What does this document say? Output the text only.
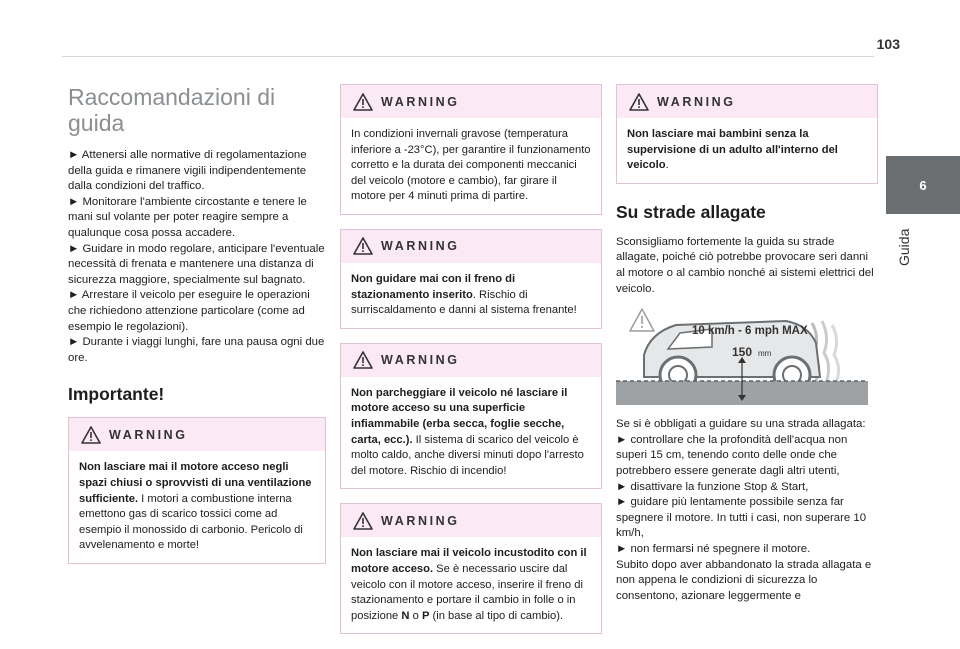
103
6
Guida
Raccomandazioni di guida

► Attenersi alle normative di regolamentazione della guida e rimanere vigili indipendentemente dalla condizioni del traffico.

► Monitorare l'ambiente circostante e tenere le mani sul volante per poter reagire sempre a qualunque cosa possa accadere.

► Guidare in modo regolare, anticipare l'eventuale necessità di frenata e mantenere una distanza di sicurezza maggiore, specialmente sul bagnato.

► Arrestare il veicolo per eseguire le operazioni che richiedono attenzione particolare (come ad esempio le regolazioni).

► Durante i viaggi lunghi, fare una pausa ogni due ore.

Importante!
WARNING
Non lasciare mai il motore acceso negli spazi chiusi o sprovvisti di una ventilazione sufficiente. I motori a combustione interna emettono gas di scarico tossici come ad esempio il monossido di carbonio. Pericolo di avvelenamento e morte!
WARNING
In condizioni invernali gravose (temperatura inferiore a -23°C), per garantire il funzionamento corretto e la durata dei componenti meccanici del veicolo (motore e cambio), far girare il motore per 4 minuti prima di partire.
WARNING
Non guidare mai con il freno di stazionamento inserito. Rischio di surriscaldamento e danni al sistema frenante!
WARNING
Non parcheggiare il veicolo né lasciare il motore acceso su una superficie infiammabile (erba secca, foglie secche, carta, ecc.). Il sistema di scarico del veicolo è molto caldo, anche diversi minuti dopo l'arresto del motore. Rischio di incendio!
WARNING
Non lasciare mai il veicolo incustodito con il motore acceso. Se è necessario uscire dal veicolo con il motore acceso, inserire il freno di stazionamento e portare il cambio in folle o in posizione N o P (in base al tipo di cambio).
WARNING
Non lasciare mai bambini senza la supervisione di un adulto all'interno del veicolo.
Su strade allagate

Sconsigliamo fortemente la guida su strade allagate, poiché ciò potrebbe provocare seri danni al motore o al cambio nonché ai sistemi elettrici del veicolo.

10 km/h - 6 mph MAX
150 mm

Se si è obbligati a guidare su una strada allagata:

► controllare che la profondità dell'acqua non superi 15 cm, tenendo conto delle onde che potrebbero essere generate dagli altri utenti,

► disattivare la funzione Stop & Start,

► guidare più lentamente possibile senza far spegnere il motore. In tutti i casi, non superare 10 km/h,

► non fermarsi né spegnere il motore.

Subito dopo aver abbandonato la strada allagata e non appena le condizioni di sicurezza lo consentono, azionare leggermente e
